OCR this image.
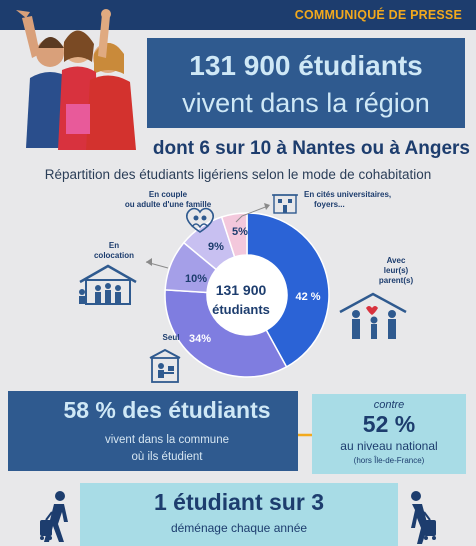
COMMUNIQUÉ DE PRESSE
131 900 étudiants
vivent dans la région
dont 6 sur 10 à Nantes ou à Angers
Répartition des étudiants ligériens selon le mode de cohabitation
131 900
étudiants
42 %
34%
10%
9%
5%
En couple
ou adulte d'une famille
En cités universitaires,
foyers...
En
colocation
Avec
leur(s)
parent(s)
Seul
58 % des étudiants
vivent dans la commune
où ils étudient
contre
52 %
au niveau national
(hors Île-de-France)
1 étudiant sur 3
déménage chaque année
